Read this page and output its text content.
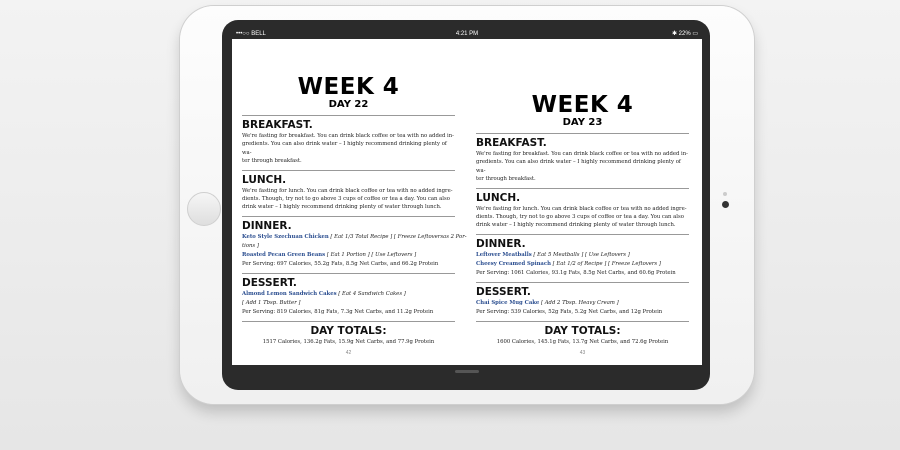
•••○○ BELL	4:21 PM	✱ 22% ▭
WEEK 4
DAY 22
BREAKFAST.

We're fasting for breakfast. You can drink black coffee or tea with no added in-
gredients. You can also drink water – I highly recommend drinking plenty of wa-
ter through breakfast.

LUNCH.

We're fasting for lunch. You can drink black coffee or tea with no added ingre-
dients. Though, try not to go above 3 cups of coffee or tea a day. You can also
drink water – I highly recommend drinking plenty of water through lunch.

DINNER.
Keto Style Szechuan Chicken [ Eat 1/3 Total Recipe ] [ Freeze Leftoversas 2 Por-
tions ]
Roasted Pecan Green Beans [ Eat 1 Portion ] [ Use Leftovers ]
Per Serving: 697 Calories, 55.2g Fats, 8.5g Net Carbs, and 66.2g Protein
DESSERT.
Almond Lemon Sandwich Cakes [ Eat 4 Sandwich Cakes ]
[ Add 1 Tbsp. Butter ]
Per Serving: 819 Calories, 81g Fats, 7.3g Net Carbs, and 11.2g Protein
DAY TOTALS:
1517 Calories, 136.2g Fats, 15.9g Net Carbs, and 77.9g Protein
42
WEEK 4
DAY 23
BREAKFAST.

We're fasting for breakfast. You can drink black coffee or tea with no added in-
gredients. You can also drink water – I highly recommend drinking plenty of wa-
ter through breakfast.

LUNCH.

We're fasting for lunch. You can drink black coffee or tea with no added ingre-
dients. Though, try not to go above 3 cups of coffee or tea a day. You can also
drink water – I highly recommend drinking plenty of water through lunch.

DINNER.
Leftover Meatballs [ Eat 5 Meatballs ] [ Use Leftovers ]
Cheesy Creamed Spinach [ Eat 1/2 of Recipe ] [ Freeze Leftovers ]
Per Serving: 1061 Calories, 93.1g Fats, 8.5g Net Carbs, and 60.6g Protein
DESSERT.
Chai Spice Mug Cake [ Add 2 Tbsp. Heavy Cream ]
Per Serving: 539 Calories, 52g Fats, 5.2g Net Carbs, and 12g Protein
DAY TOTALS:
1600 Calories, 145.1g Fats, 13.7g Net Carbs, and 72.6g Protein
43
